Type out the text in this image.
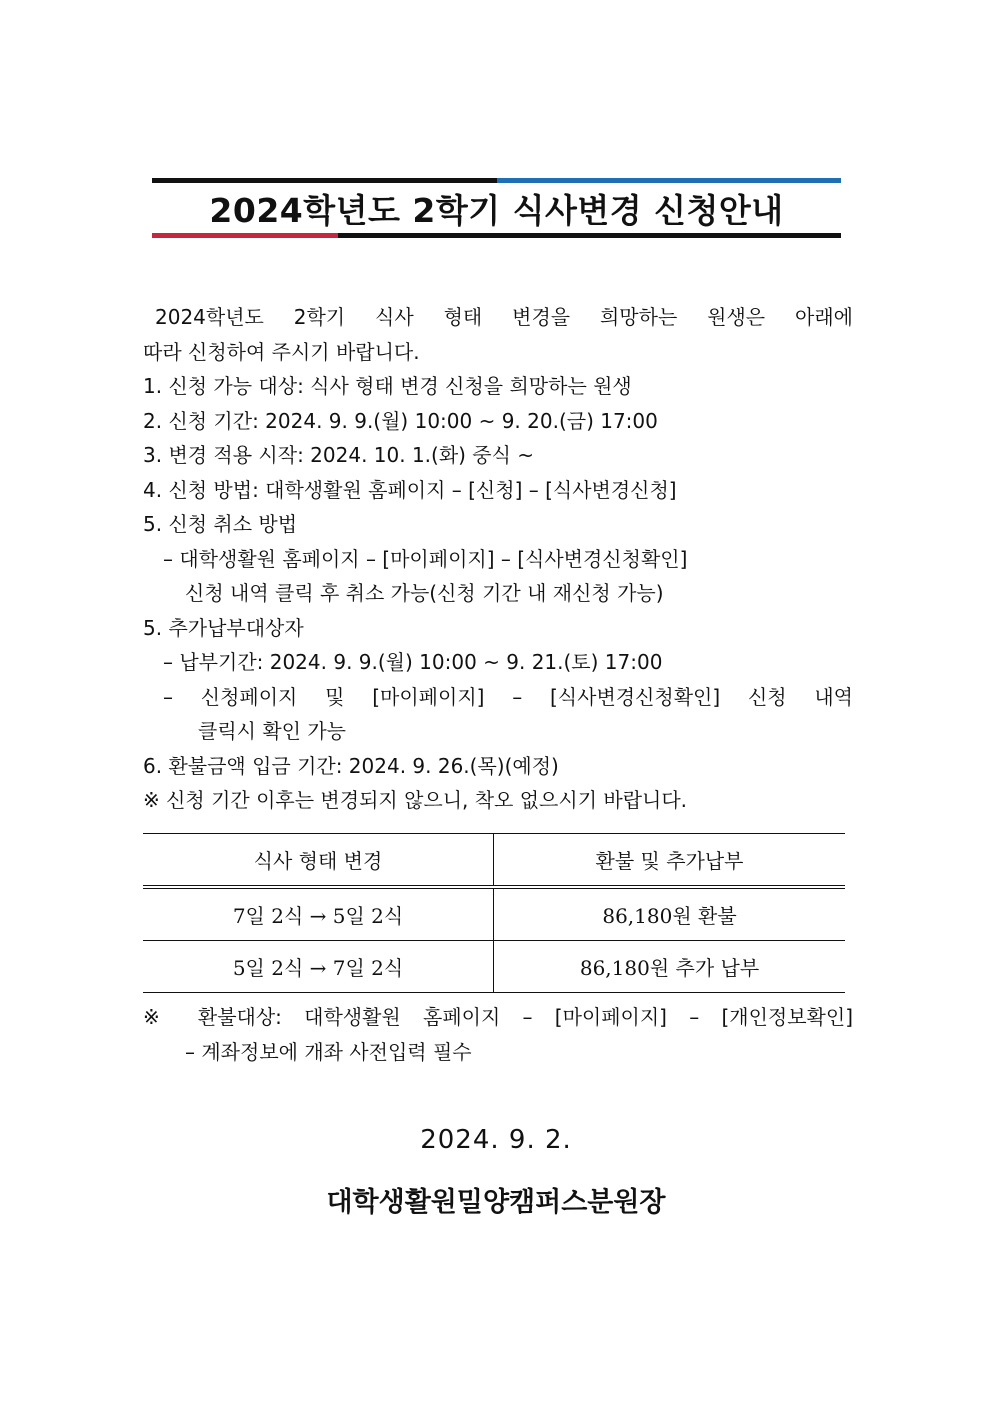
2024학년도 2학기 식사변경 신청안내
2024학년도 2학기 식사 형태 변경을 희망하는 원생은 아래에
따라 신청하여 주시기 바랍니다.
1. 신청 가능 대상: 식사 형태 변경 신청을 희망하는 원생
2. 신청 기간: 2024. 9. 9.(월) 10:00 ~ 9. 20.(금) 17:00
3. 변경 적용 시작: 2024. 10. 1.(화) 중식 ~
4. 신청 방법: 대학생활원 홈페이지 – [신청] – [식사변경신청]
5. 신청 취소 방법
– 대학생활원 홈페이지 – [마이페이지] – [식사변경신청확인]
신청 내역 클릭 후 취소 가능(신청 기간 내 재신청 가능)
5. 추가납부대상자
– 납부기간: 2024. 9. 9.(월) 10:00 ~ 9. 21.(토) 17:00
– 신청페이지 및 [마이페이지] – [식사변경신청확인] 신청 내역
클릭시 확인 가능
6. 환불금액 입금 기간: 2024. 9. 26.(목)(예정)
※ 신청 기간 이후는 변경되지 않으니, 착오 없으시기 바랍니다.
식사 형태 변경	환불 및 추가납부
7일 2식 → 5일 2식	86,180원 환불
5일 2식 → 7일 2식	86,180원 추가 납부
※ 환불대상: 대학생활원 홈페이지 – [마이페이지] – [개인정보확인]
– 계좌정보에 개좌 사전입력 필수
2024. 9. 2.
대학생활원밀양캠퍼스분원장
